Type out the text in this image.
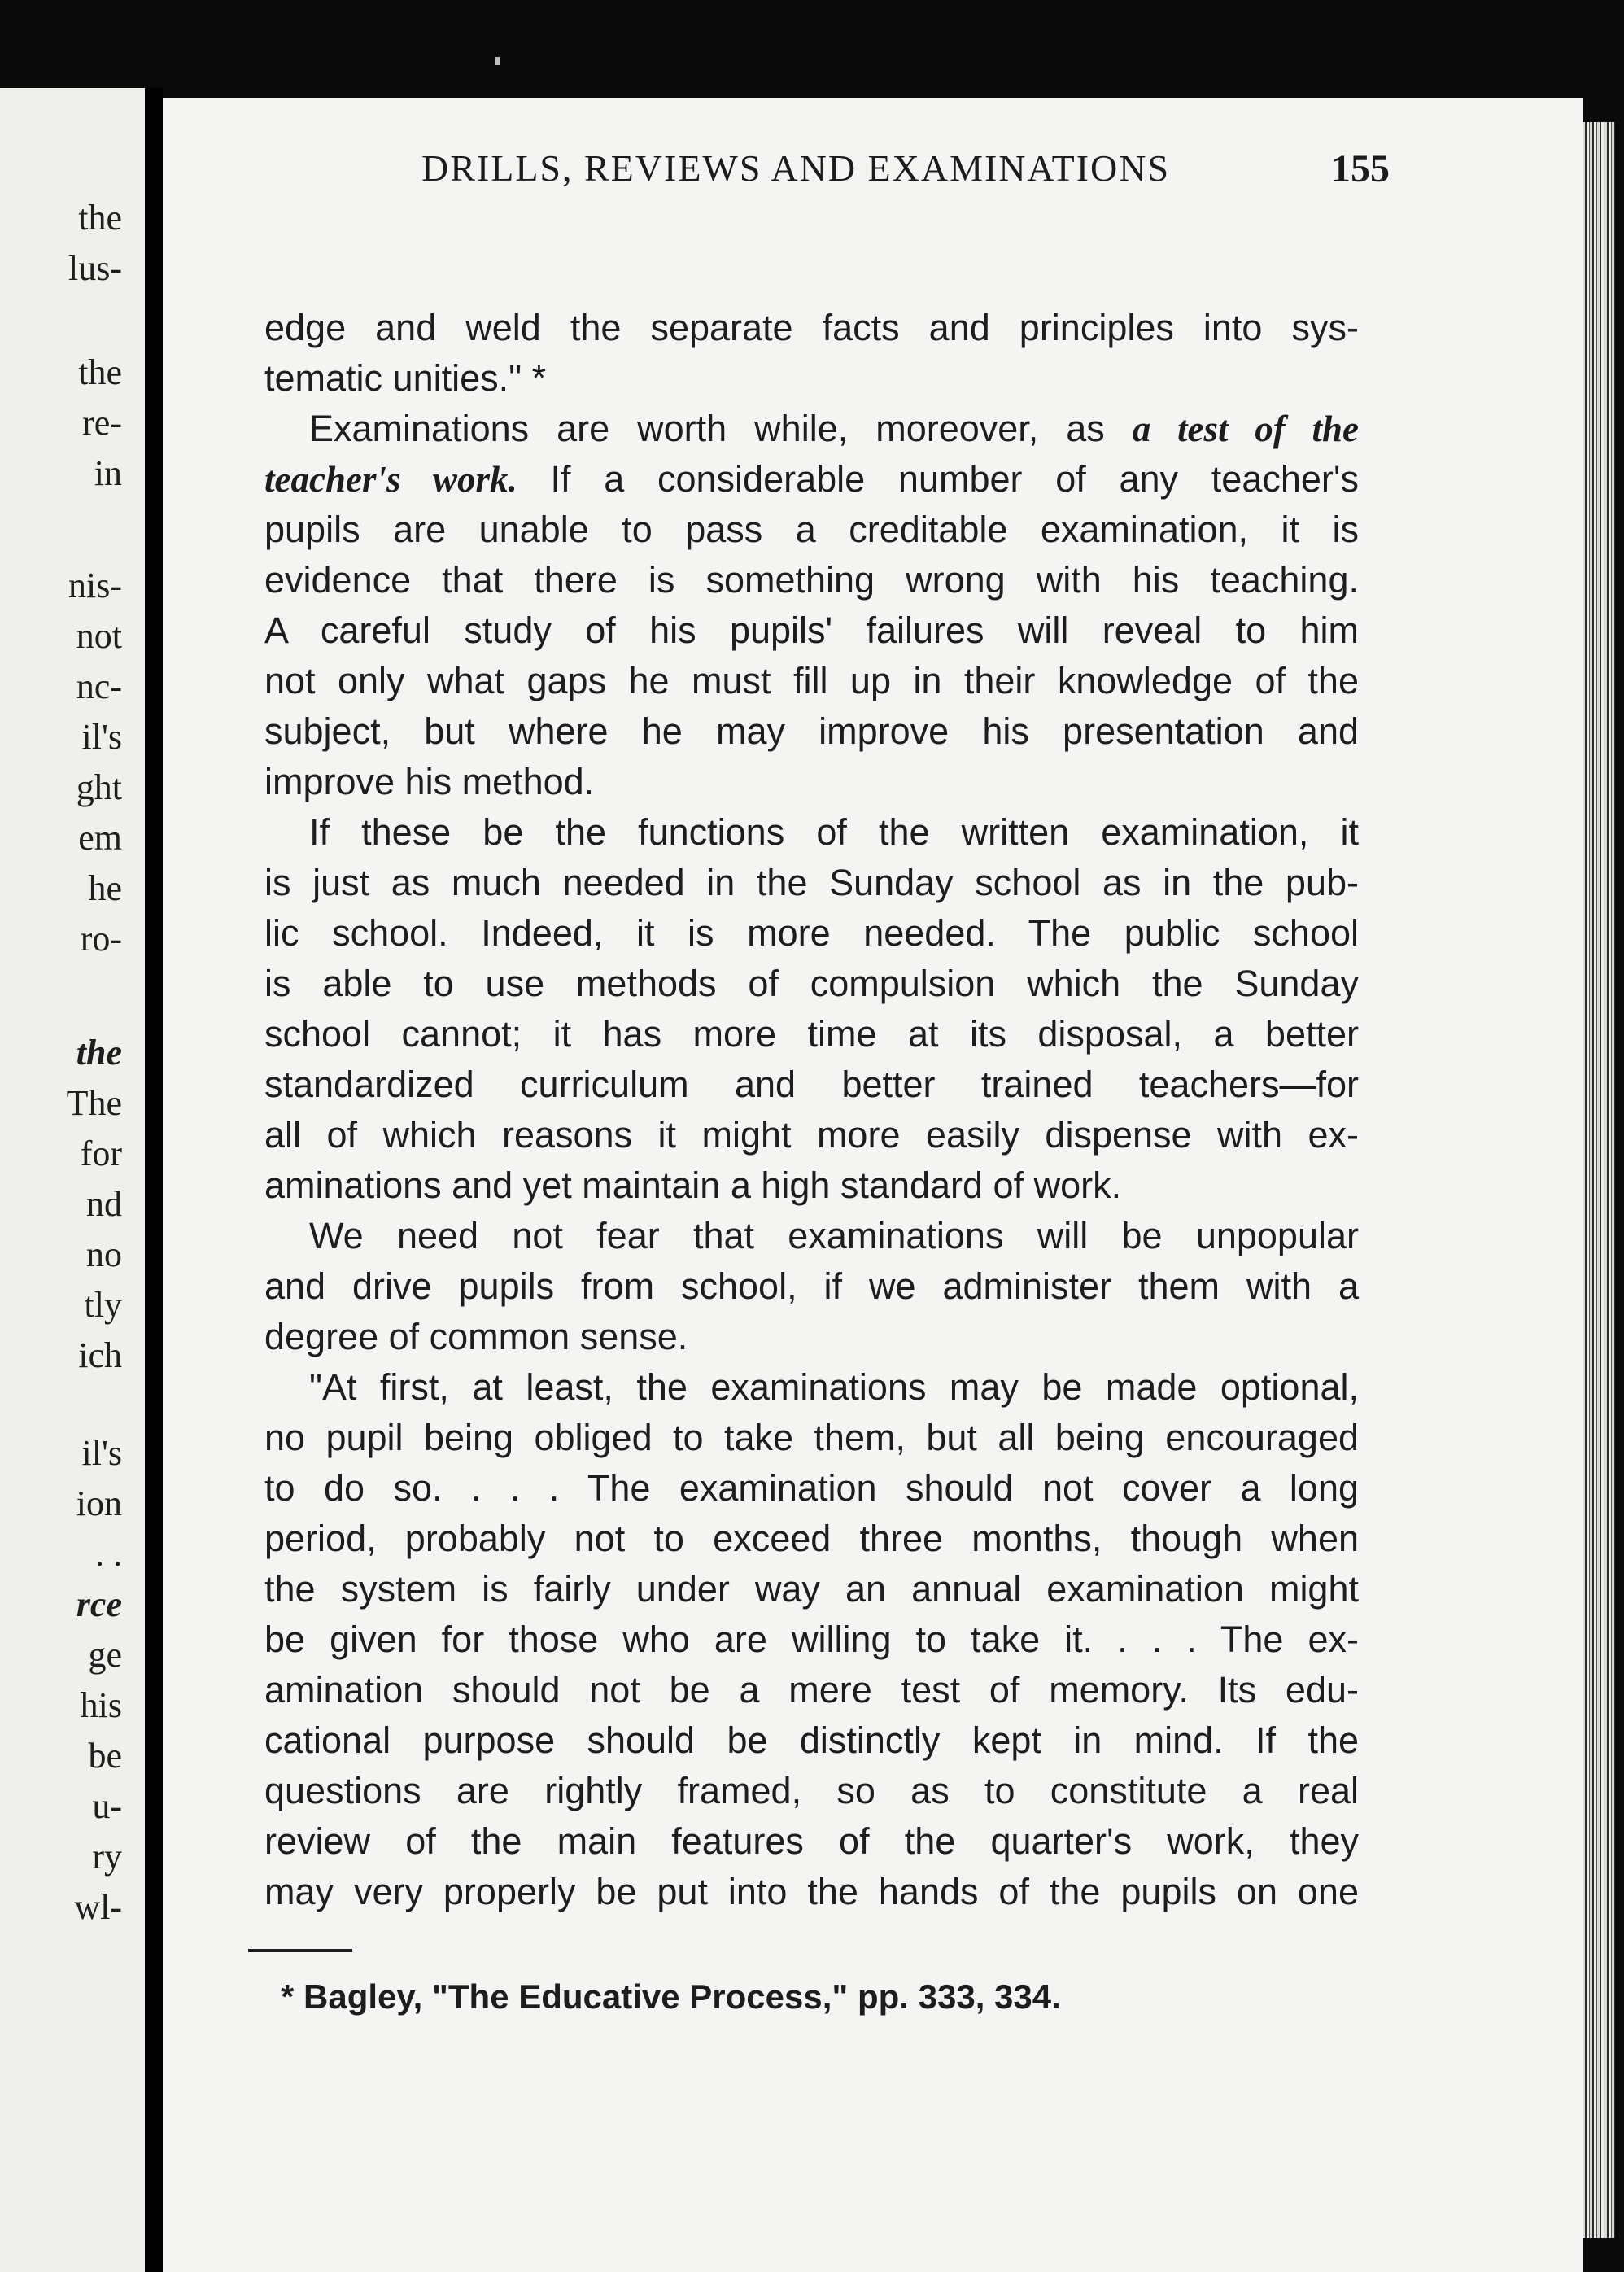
the
lus-
the
re-
in
nis-
not
nc-
il's
ght
em
he
ro-
the
The
for
nd
no
tly
ich
il's
ion
. .
rce
ge
his
be
u-
ry
wl-
DRILLS, REVIEWS AND EXAMINATIONS	155
edge and weld the separate facts and principles into sys-
tematic unities." *
Examinations are worth while, moreover, as a test of the
teacher's work. If a considerable number of any teacher's
pupils are unable to pass a creditable examination, it is
evidence that there is something wrong with his teaching.
A careful study of his pupils' failures will reveal to him
not only what gaps he must fill up in their knowledge of the
subject, but where he may improve his presentation and
improve his method.
If these be the functions of the written examination, it
is just as much needed in the Sunday school as in the pub-
lic school. Indeed, it is more needed. The public school
is able to use methods of compulsion which the Sunday
school cannot; it has more time at its disposal, a better
standardized curriculum and better trained teachers—for
all of which reasons it might more easily dispense with ex-
aminations and yet maintain a high standard of work.
We need not fear that examinations will be unpopular
and drive pupils from school, if we administer them with a
degree of common sense.
"At first, at least, the examinations may be made optional,
no pupil being obliged to take them, but all being encouraged
to do so. . . . The examination should not cover a long
period, probably not to exceed three months, though when
the system is fairly under way an annual examination might
be given for those who are willing to take it. . . . The ex-
amination should not be a mere test of memory. Its edu-
cational purpose should be distinctly kept in mind. If the
questions are rightly framed, so as to constitute a real
review of the main features of the quarter's work, they
may very properly be put into the hands of the pupils on one
* Bagley, "The Educative Process," pp. 333, 334.
